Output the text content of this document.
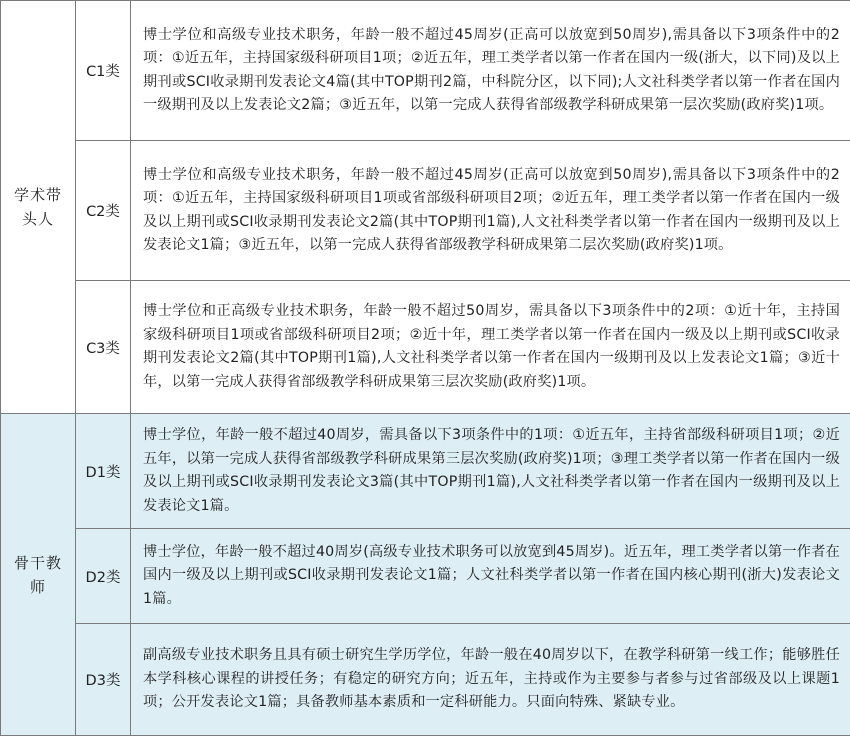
学术带头人	C1类	博士学位和高级专业技术职务，年龄一般不超过45周岁(正高可以放宽到50周岁),需具备以下3项条件中的2项：①近五年，主持国家级科研项目1项；②近五年，理工类学者以第一作者在国内一级(浙大，以下同)及以上期刊或SCI收录期刊发表论文4篇(其中TOP期刊2篇，中科院分区，以下同);人文社科类学者以第一作者在国内一级期刊及以上发表论文2篇；③近五年，以第一完成人获得省部级教学科研成果第一层次奖励(政府奖)1项。
	C2类	博士学位和高级专业技术职务，年龄一般不超过45周岁(正高可以放宽到50周岁),需具备以下3项条件中的2项：①近五年，主持国家级科研项目1项或省部级科研项目2项；②近五年，理工类学者以第一作者在国内一级及以上期刊或SCI收录期刊发表论文2篇(其中TOP期刊1篇),人文社科类学者以第一作者在国内一级期刊及以上发表论文1篇；③近五年，以第一完成人获得省部级教学科研成果第二层次奖励(政府奖)1项。
	C3类	博士学位和正高级专业技术职务，年龄一般不超过50周岁，需具备以下3项条件中的2项：①近十年，主持国家级科研项目1项或省部级科研项目2项；②近十年，理工类学者以第一作者在国内一级及以上期刊或SCI收录期刊发表论文2篇(其中TOP期刊1篇),人文社科类学者以第一作者在国内一级期刊及以上发表论文1篇；③近十年，以第一完成人获得省部级教学科研成果第三层次奖励(政府奖)1项。
骨干教师	D1类	博士学位，年龄一般不超过40周岁，需具备以下3项条件中的1项：①近五年，主持省部级科研项目1项；②近五年，以第一完成人获得省部级教学科研成果第三层次奖励(政府奖)1项；③理工类学者以第一作者在国内一级及以上期刊或SCI收录期刊发表论文3篇(其中TOP期刊1篇),人文社科类学者以第一作者在国内一级期刊及以上发表论文1篇。
	D2类	博士学位，年龄一般不超过40周岁(高级专业技术职务可以放宽到45周岁)。近五年，理工类学者以第一作者在国内一级及以上期刊或SCI收录期刊发表论文1篇；人文社科类学者以第一作者在国内核心期刊(浙大)发表论文1篇。
	D3类	副高级专业技术职务且具有硕士研究生学历学位，年龄一般在40周岁以下，在教学科研第一线工作；能够胜任本学科核心课程的讲授任务；有稳定的研究方向；近五年，主持或作为主要参与者参与过省部级及以上课题1项；公开发表论文1篇；具备教师基本素质和一定科研能力。只面向特殊、紧缺专业。
